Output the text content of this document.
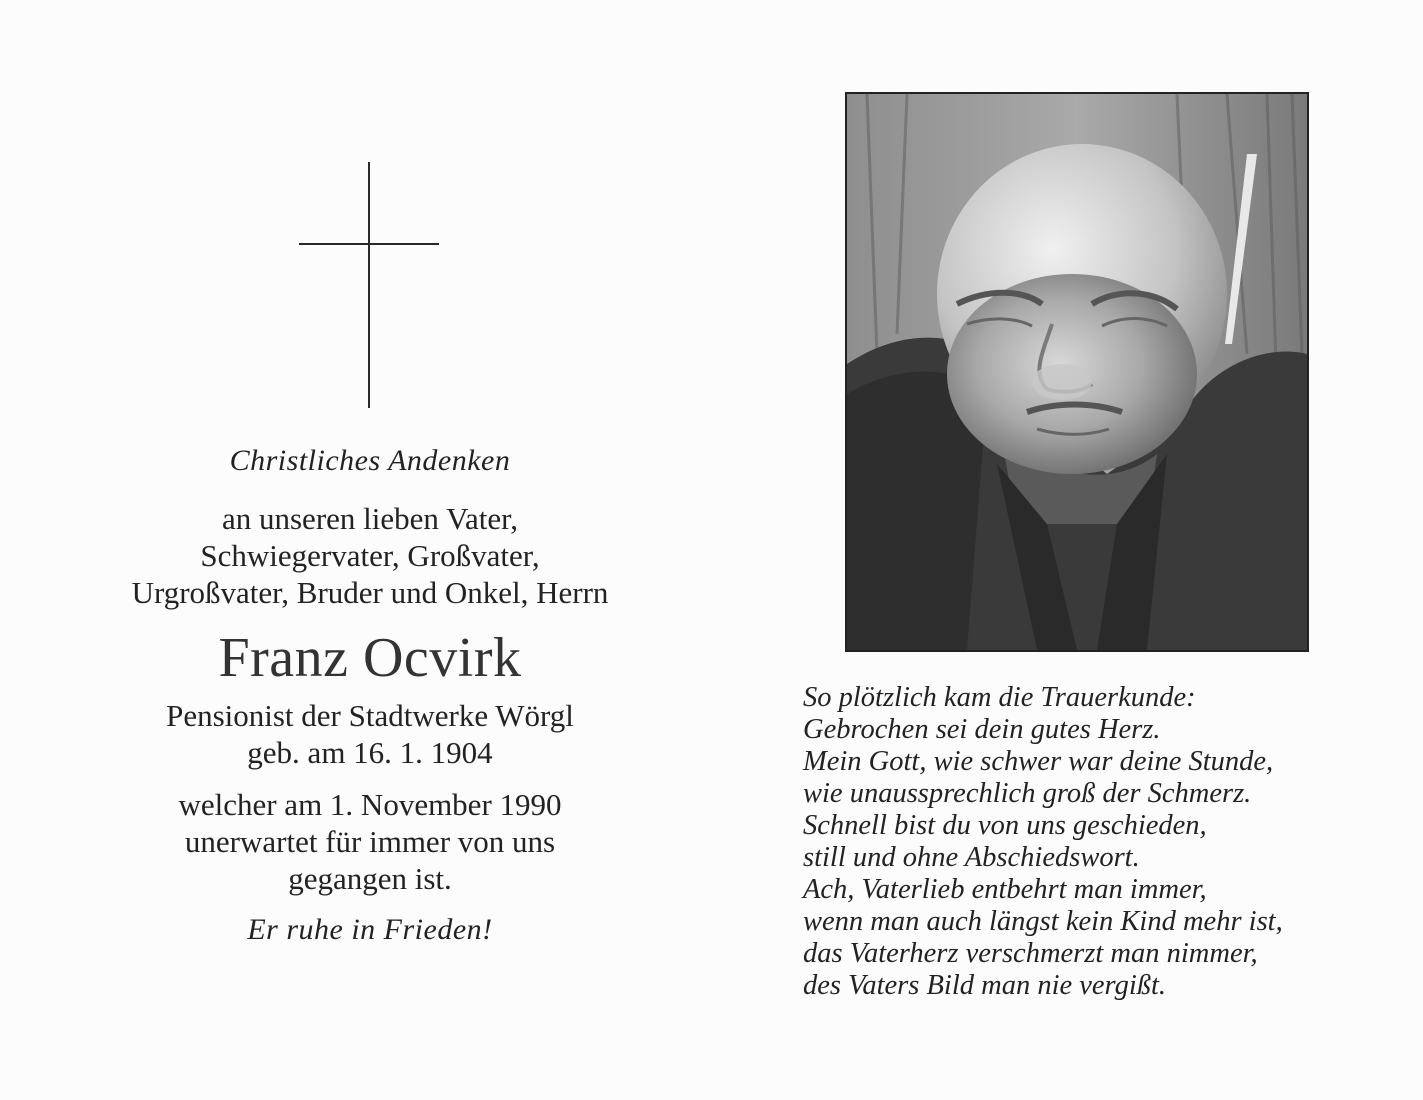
Christliches Andenken
an unseren lieben Vater,
Schwiegervater, Großvater,
Urgroßvater, Bruder und Onkel, Herrn
Franz Ocvirk
Pensionist der Stadtwerke Wörgl
geb. am 16. 1. 1904
welcher am 1. November 1990
unerwartet für immer von uns
gegangen ist.
Er ruhe in Frieden!
So plötzlich kam die Trauerkunde:
Gebrochen sei dein gutes Herz.
Mein Gott, wie schwer war deine Stunde,
wie unaussprechlich groß der Schmerz.
Schnell bist du von uns geschieden,
still und ohne Abschiedswort.
Ach, Vaterlieb entbehrt man immer,
wenn man auch längst kein Kind mehr ist,
das Vaterherz verschmerzt man nimmer,
des Vaters Bild man nie vergißt.
